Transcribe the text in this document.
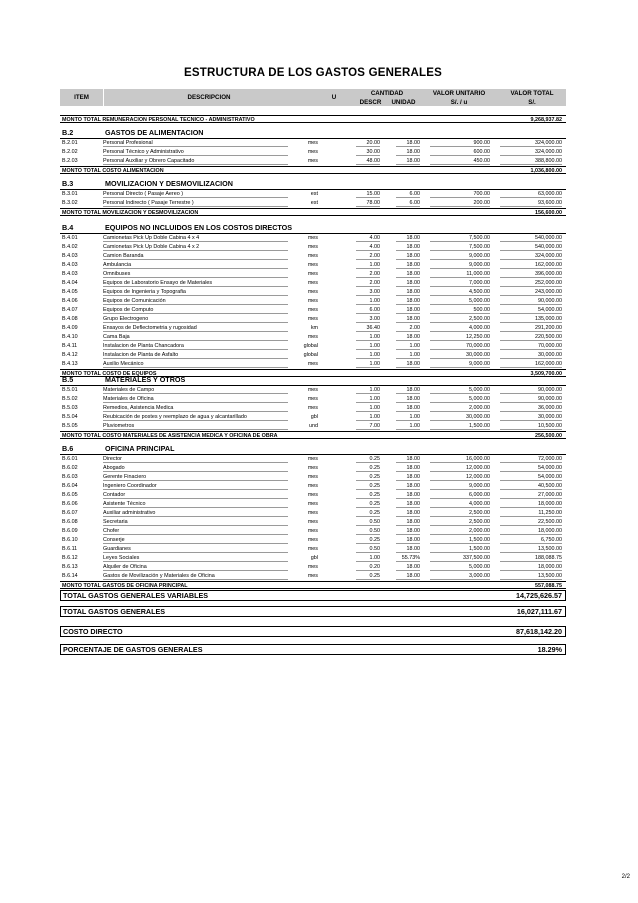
ESTRUCTURA DE LOS GASTOS GENERALES
ITEM	DESCRIPCION	U
CANTIDAD
DESCR	UNIDAD
VALOR UNITARIO
S/. / u
VALOR TOTAL
S/.
MONTO TOTAL REMUNERACION PERSONAL TECNICO - ADMINISTRATIVO	9,268,937.82
B.2	GASTOS DE ALIMENTACION
B.2.01	Personal Profesional	mes	20.00	18.00	900.00	324,000.00
B.2.02	Personal Técnico y Administrativo	mes	30.00	18.00	600.00	324,000.00
B.2.03	Personal Auxiliar y Obrero Capacitado	mes	48.00	18.00	450.00	388,800.00
MONTO TOTAL COSTO ALIMENTACION	1,036,800.00
B.3	MOVILIZACION Y DESMOVILIZACION
B.3.01	Personal Directo ( Pasaje Aereo )	est	15.00	6.00	700.00	63,000.00
B.3.02	Personal Indirecto ( Pasaje Terrestre )	est	78.00	6.00	200.00	93,600.00
MONTO TOTAL MOVILIZACION Y DESMOVILIZACION	156,600.00
B.4	EQUIPOS NO INCLUIDOS EN LOS COSTOS DIRECTOS
B.4.01	Camionetas Pick Up Doble Cabina 4 x 4	mes	4.00	18.00	7,500.00	540,000.00
B.4.02	Camionetas Pick Up Doble Cabina 4 x 2	mes	4.00	18.00	7,500.00	540,000.00
B.4.03	Camion Baranda	mes	2.00	18.00	9,000.00	324,000.00
B.4.03	Ambulancia	mes	1.00	18.00	9,000.00	162,000.00
B.4.03	Omnibuses	mes	2.00	18.00	11,000.00	396,000.00
B.4.04	Equipos de Laboratorio Ensayo de Materiales	mes	2.00	18.00	7,000.00	252,000.00
B.4.05	Equipos de Ingenieria y Topografia	mes	3.00	18.00	4,500.00	243,000.00
B.4.06	Equipos de Comunicación	mes	1.00	18.00	5,000.00	90,000.00
B.4.07	Equipos de Computo	mes	6.00	18.00	500.00	54,000.00
B.4.08	Grupo Electrogeno	mes	3.00	18.00	2,500.00	135,000.00
B.4.09	Ensayos de Deflectometria y rugosidad	km	36.40	2.00	4,000.00	291,200.00
B.4.10	Cama Baja	mes	1.00	18.00	12,250.00	220,500.00
B.4.11	Instalacion de Planta Chancadora	global	1.00	1.00	70,000.00	70,000.00
B.4.12	Instalacion de Planta de Asfalto	global	1.00	1.00	30,000.00	30,000.00
B.4.13	Auxilio Mecánico	mes	1.00	18.00	9,000.00	162,000.00
MONTO TOTAL COSTO DE EQUIPOS	3,509,700.00
B.5	MATERIALES Y OTROS
B.5.01	Materiales de Campo	mes	1.00	18.00	5,000.00	90,000.00
B.5.02	Materiales de Oficina	mes	1.00	18.00	5,000.00	90,000.00
B.5.03	Remedios, Asistencia Medica	mes	1.00	18.00	2,000.00	36,000.00
B.5.04	Reubicación de postes y reemplazo de agua y alcantarillado	gbl	1.00	1.00	30,000.00	30,000.00
B.5.05	Pluviometros	und	7.00	1.00	1,500.00	10,500.00
MONTO TOTAL COSTO MATERIALES DE ASISTENCIA MEDICA Y OFICINA DE OBRA	256,500.00
B.6	OFICINA PRINCIPAL
B.6.01	Director	mes	0.25	18.00	16,000.00	72,000.00
B.6.02	Abogado	mes	0.25	18.00	12,000.00	54,000.00
B.6.03	Gerente Finaciero	mes	0.25	18.00	12,000.00	54,000.00
B.6.04	Ingeniero Coordinador	mes	0.25	18.00	9,000.00	40,500.00
B.6.05	Contador	mes	0.25	18.00	6,000.00	27,000.00
B.6.06	Asistente Técnico	mes	0.25	18.00	4,000.00	18,000.00
B.6.07	Auxiliar administrativo	mes	0.25	18.00	2,500.00	11,250.00
B.6.08	Secretaria	mes	0.50	18.00	2,500.00	22,500.00
B.6.09	Chofer	mes	0.50	18.00	2,000.00	18,000.00
B.6.10	Conserje	mes	0.25	18.00	1,500.00	6,750.00
B.6.11	Guardianes	mes	0.50	18.00	1,500.00	13,500.00
B.6.12	Leyes Sociales	gbl	1.00	55.73%	337,500.00	188,088.75
B.6.13	Alquiler de Oficina	mes	0.20	18.00	5,000.00	18,000.00
B.6.14	Gastos de Movilización y Materiales de Oficina	mes	0.25	18.00	3,000.00	13,500.00
MONTO TOTAL GASTOS DE OFICINA PRINCIPAL	557,088.75
TOTAL GASTOS GENERALES VARIABLES	14,725,626.57
TOTAL GASTOS GENERALES	16,027,111.67
COSTO DIRECTO	87,618,142.20
PORCENTAJE DE GASTOS GENERALES	18.29%
2/2
